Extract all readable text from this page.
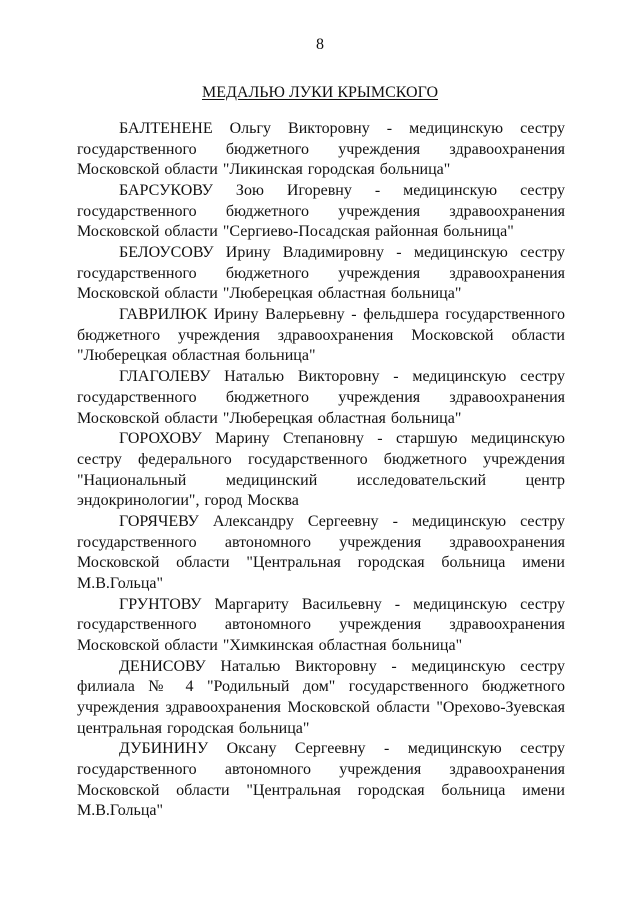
8
МЕДАЛЬЮ ЛУКИ КРЫМСКОГО

БАЛТЕНЕНЕ Ольгу Викторовну - медицинскую сестру государственного бюджетного учреждения здравоохранения Московской области "Ликинская городская больница"

БАРСУКОВУ Зою Игоревну - медицинскую сестру государственного бюджетного учреждения здравоохранения Московской области "Сергиево-Посадская районная больница"

БЕЛОУСОВУ Ирину Владимировну - медицинскую сестру государственного бюджетного учреждения здравоохранения Московской области "Люберецкая областная больница"

ГАВРИЛЮК Ирину Валерьевну - фельдшера государственного бюджетного учреждения здравоохранения Московской области "Люберецкая областная больница"

ГЛАГОЛЕВУ Наталью Викторовну - медицинскую сестру государственного бюджетного учреждения здравоохранения Московской области "Люберецкая областная больница"

ГОРОХОВУ Марину Степановну - старшую медицинскую сестру федерального государственного бюджетного учреждения "Национальный медицинский исследовательский центр эндокринологии", город Москва

ГОРЯЧЕВУ Александру Сергеевну - медицинскую сестру государственного автономного учреждения здравоохранения Московской области "Центральная городская больница имени М.В.Гольца"

ГРУНТОВУ Маргариту Васильевну - медицинскую сестру государственного автономного учреждения здравоохранения Московской области "Химкинская областная больница"

ДЕНИСОВУ Наталью Викторовну - медицинскую сестру филиала № 4 "Родильный дом" государственного бюджетного учреждения здравоохранения Московской области "Орехово-Зуевская центральная городская больница"

ДУБИНИНУ Оксану Сергеевну - медицинскую сестру государственного автономного учреждения здравоохранения Московской области "Центральная городская больница имени М.В.Гольца"
